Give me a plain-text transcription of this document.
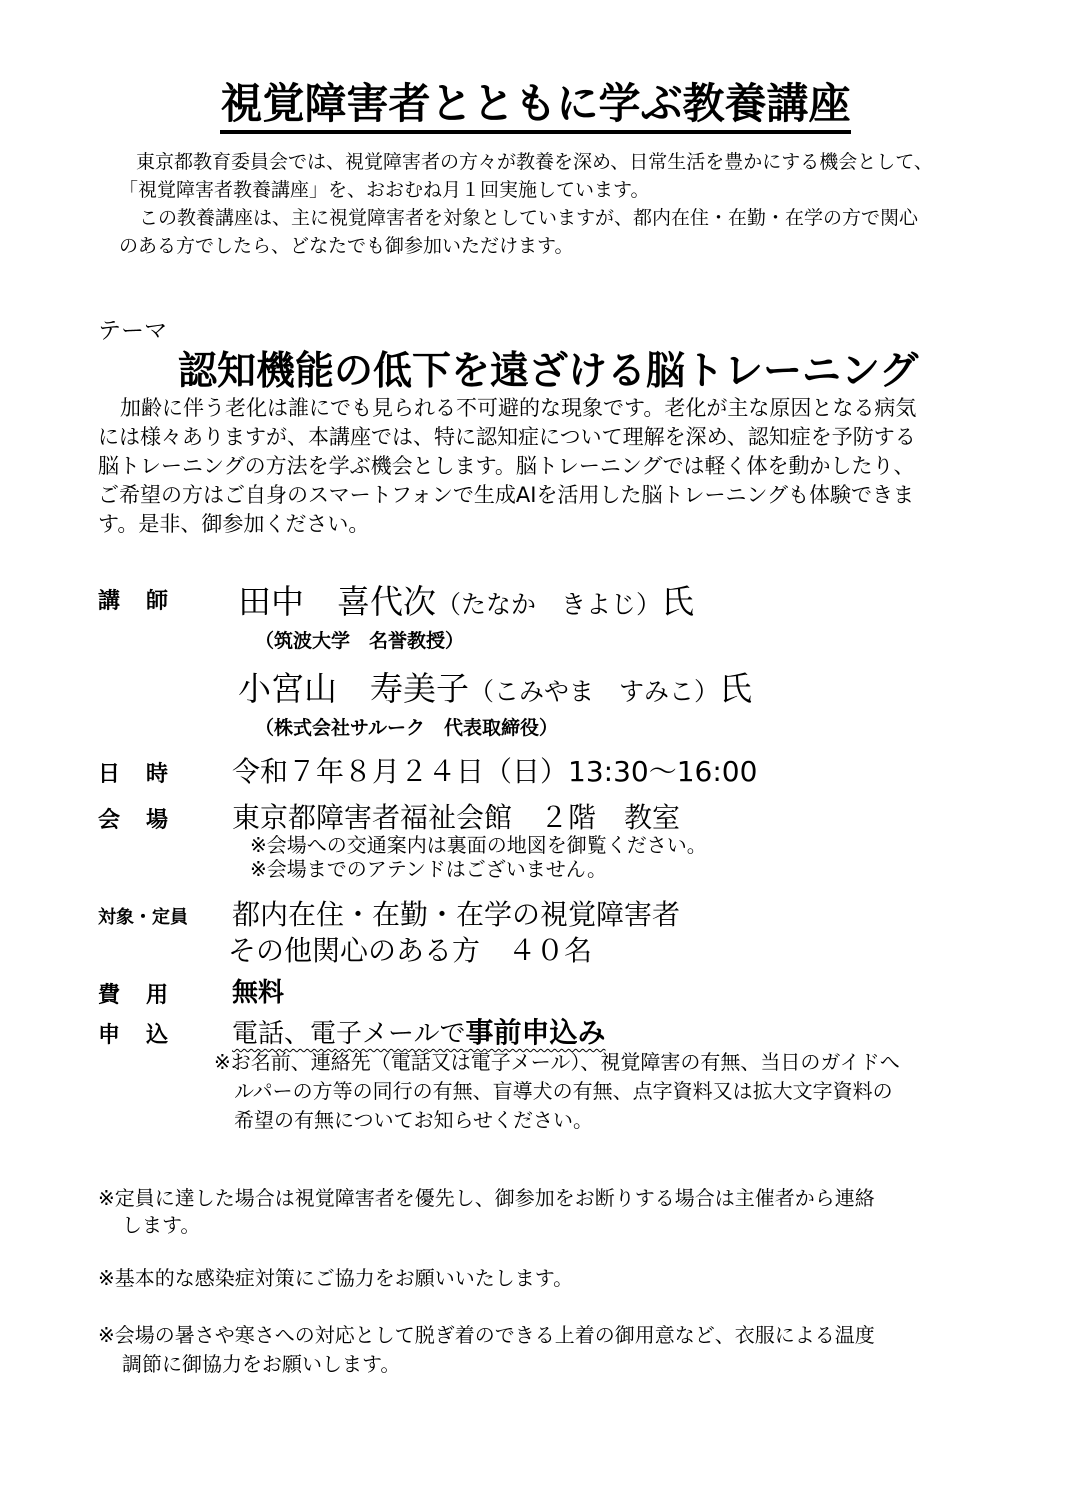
視覚障害者とともに学ぶ教養講座
東京都教育委員会では、視覚障害者の方々が教養を深め、日常生活を豊かにする機会として、
「視覚障害者教養講座」を、おおむね月１回実施しています。
この教養講座は、主に視覚障害者を対象としていますが、都内在住・在勤・在学の方で関心
のある方でしたら、どなたでも御参加いただけます。
テーマ
認知機能の低下を遠ざける脳トレーニング
加齢に伴う老化は誰にでも見られる不可避的な現象です。老化が主な原因となる病気
には様々ありますが、本講座では、特に認知症について理解を深め、認知症を予防する
脳トレーニングの方法を学ぶ機会とします。脳トレーニングでは軽く体を動かしたり、
ご希望の方はご自身のスマートフォンで生成AIを活用した脳トレーニングも体験できま
す。是非、御参加ください。
講　師 田中　喜代次（たなか　きよじ）氏
（筑波大学　名誉教授）
小宮山　寿美子（こみやま　すみこ）氏
（株式会社サルーク　代表取締役）
日　時 令和７年８月２４日（日）13:30～16:00
会　場 東京都障害者福祉会館　２階　教室
※会場への交通案内は裏面の地図を御覧ください。
※会場までのアテンドはございません。
対象・定員 都内在住・在勤・在学の視覚障害者
その他関心のある方　４０名
費　用 無料
申　込 電話、電子メールで事前申込み
※お名前、連絡先（電話又は電子メール）、視覚障害の有無、当日のガイドへ
ルパーの方等の同行の有無、盲導犬の有無、点字資料又は拡大文字資料の
希望の有無についてお知らせください。
※定員に達した場合は視覚障害者を優先し、御参加をお断りする場合は主催者から連絡
します。
※基本的な感染症対策にご協力をお願いいたします。
※会場の暑さや寒さへの対応として脱ぎ着のできる上着の御用意など、衣服による温度
調節に御協力をお願いします。
